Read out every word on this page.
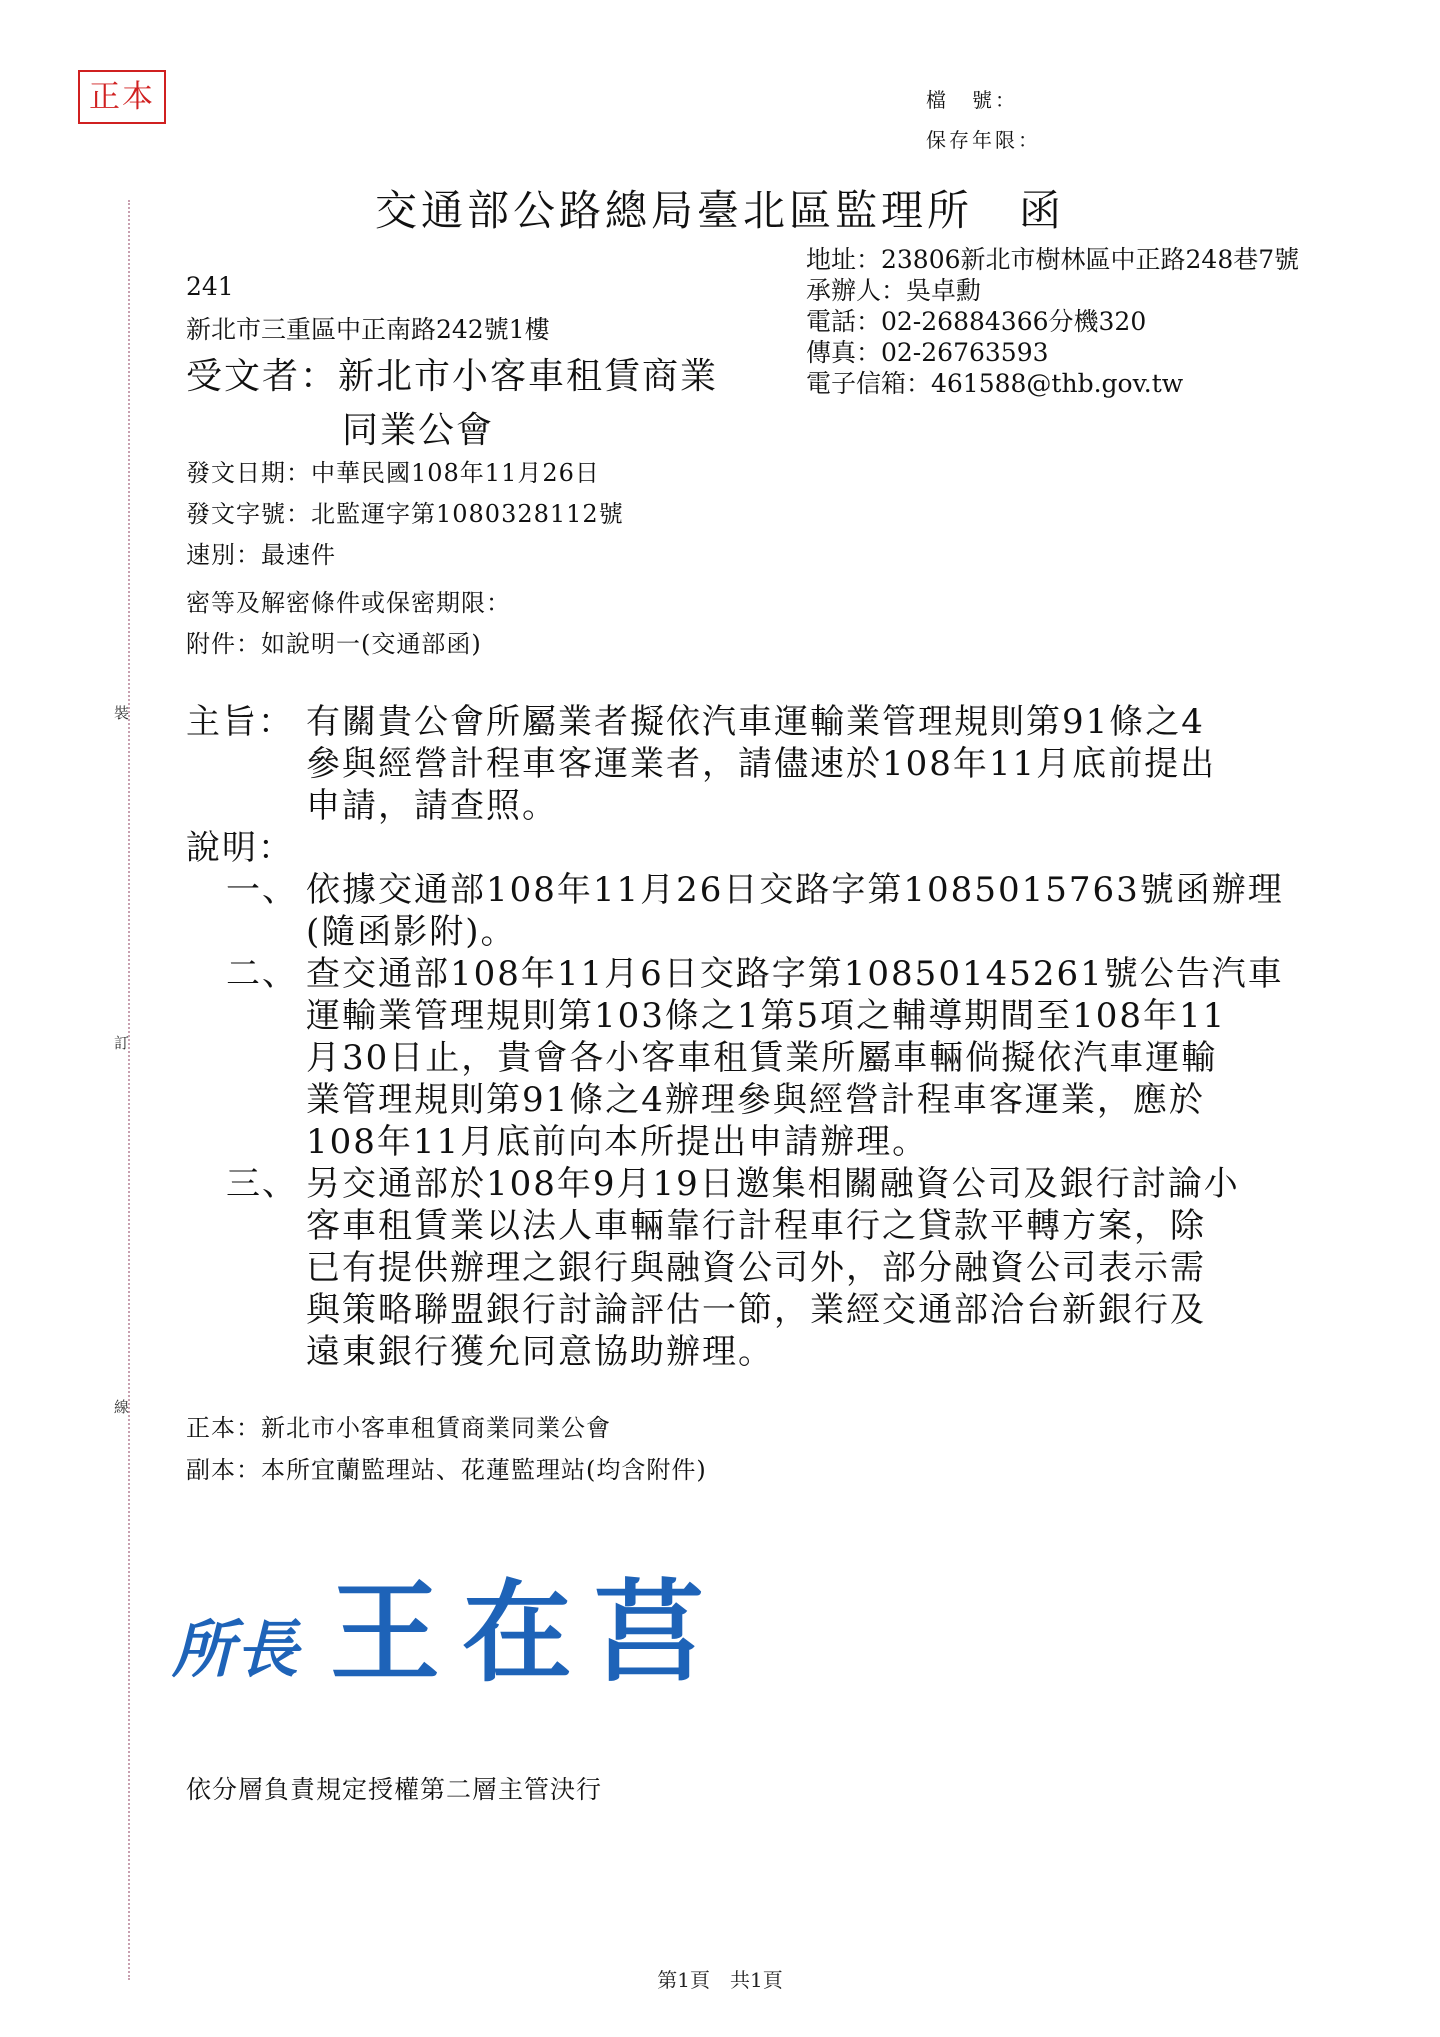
正本	檔　號：
保存年限：
交通部公路總局臺北區監理所　函
地址：23806新北市樹林區中正路248巷7號
承辦人：吳卓勳
電話：02-26884366分機320
傳真：02-26763593
電子信箱：461588@thb.gov.tw
241
新北市三重區中正南路242號1樓
受文者：新北市小客車租賃商業
同業公會
發文日期：中華民國108年11月26日
發文字號：北監運字第1080328112號
速別：最速件
密等及解密條件或保密期限：
附件：如說明一(交通部函)
主旨： 有關貴公會所屬業者擬依汽車運輸業管理規則第91條之4
參與經營計程車客運業者，請儘速於108年11月底前提出
申請，請查照。
說明：
一、 依據交通部108年11月26日交路字第1085015763號函辦理
(隨函影附)。
二、 查交通部108年11月6日交路字第10850145261號公告汽車
運輸業管理規則第103條之1第5項之輔導期間至108年11
月30日止，貴會各小客車租賃業所屬車輛倘擬依汽車運輸
業管理規則第91條之4辦理參與經營計程車客運業，應於
108年11月底前向本所提出申請辦理。
三、 另交通部於108年9月19日邀集相關融資公司及銀行討論小
客車租賃業以法人車輛靠行計程車行之貸款平轉方案，除
已有提供辦理之銀行與融資公司外，部分融資公司表示需
與策略聯盟銀行討論評估一節，業經交通部洽台新銀行及
遠東銀行獲允同意協助辦理。
正本：新北市小客車租賃商業同業公會
副本：本所宜蘭監理站、花蓮監理站(均含附件)
所長 王在莒
依分層負責規定授權第二層主管決行
裝
訂
線
第1頁　共1頁
